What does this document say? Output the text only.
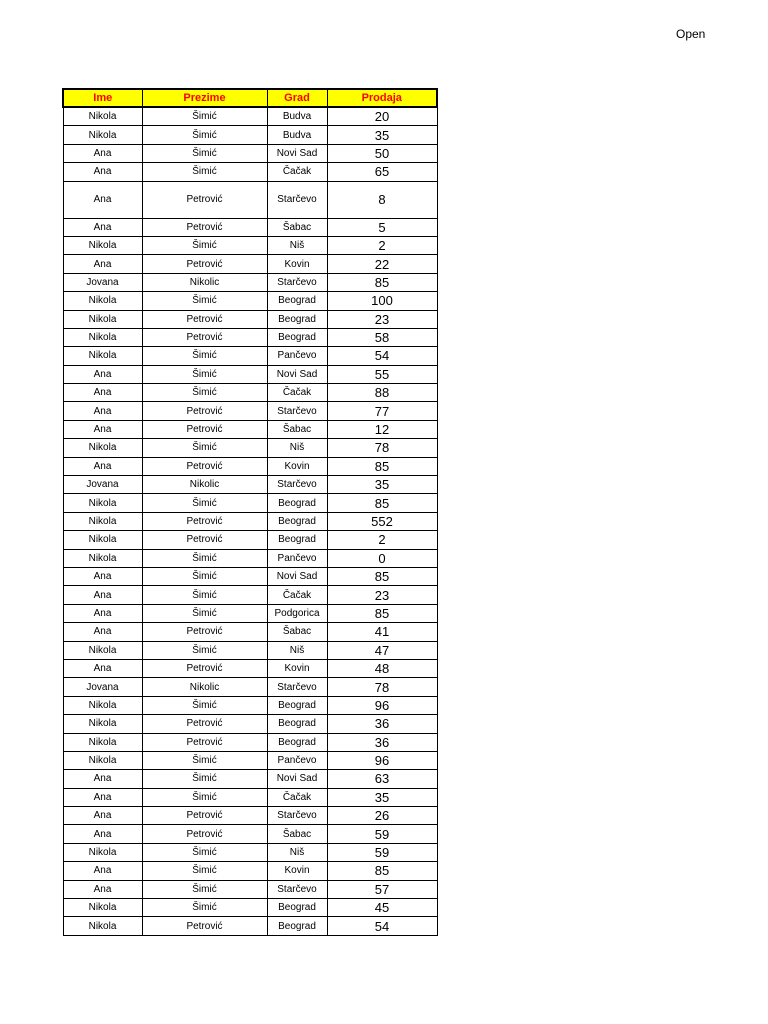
Open
Ime	Prezime	Grad	Prodaja
Nikola	Šimić	Budva	20
Nikola	Šimić	Budva	35
Ana	Šimić	Novi Sad	50
Ana	Šimić	Čačak	65
Ana	Petrović	Starčevo	8
Ana	Petrović	Šabac	5
Nikola	Šimić	Niš	2
Ana	Petrović	Kovin	22
Jovana	Nikolic	Starčevo	85
Nikola	Šimić	Beograd	100
Nikola	Petrović	Beograd	23
Nikola	Petrović	Beograd	58
Nikola	Šimić	Pančevo	54
Ana	Šimić	Novi Sad	55
Ana	Šimić	Čačak	88
Ana	Petrović	Starčevo	77
Ana	Petrović	Šabac	12
Nikola	Šimić	Niš	78
Ana	Petrović	Kovin	85
Jovana	Nikolic	Starčevo	35
Nikola	Šimić	Beograd	85
Nikola	Petrović	Beograd	552
Nikola	Petrović	Beograd	2
Nikola	Šimić	Pančevo	0
Ana	Šimić	Novi Sad	85
Ana	Šimić	Čačak	23
Ana	Šimić	Podgorica	85
Ana	Petrović	Šabac	41
Nikola	Šimić	Niš	47
Ana	Petrović	Kovin	48
Jovana	Nikolic	Starčevo	78
Nikola	Šimić	Beograd	96
Nikola	Petrović	Beograd	36
Nikola	Petrović	Beograd	36
Nikola	Šimić	Pančevo	96
Ana	Šimić	Novi Sad	63
Ana	Šimić	Čačak	35
Ana	Petrović	Starčevo	26
Ana	Petrović	Šabac	59
Nikola	Šimić	Niš	59
Ana	Šimić	Kovin	85
Ana	Šimić	Starčevo	57
Nikola	Šimić	Beograd	45
Nikola	Petrović	Beograd	54
